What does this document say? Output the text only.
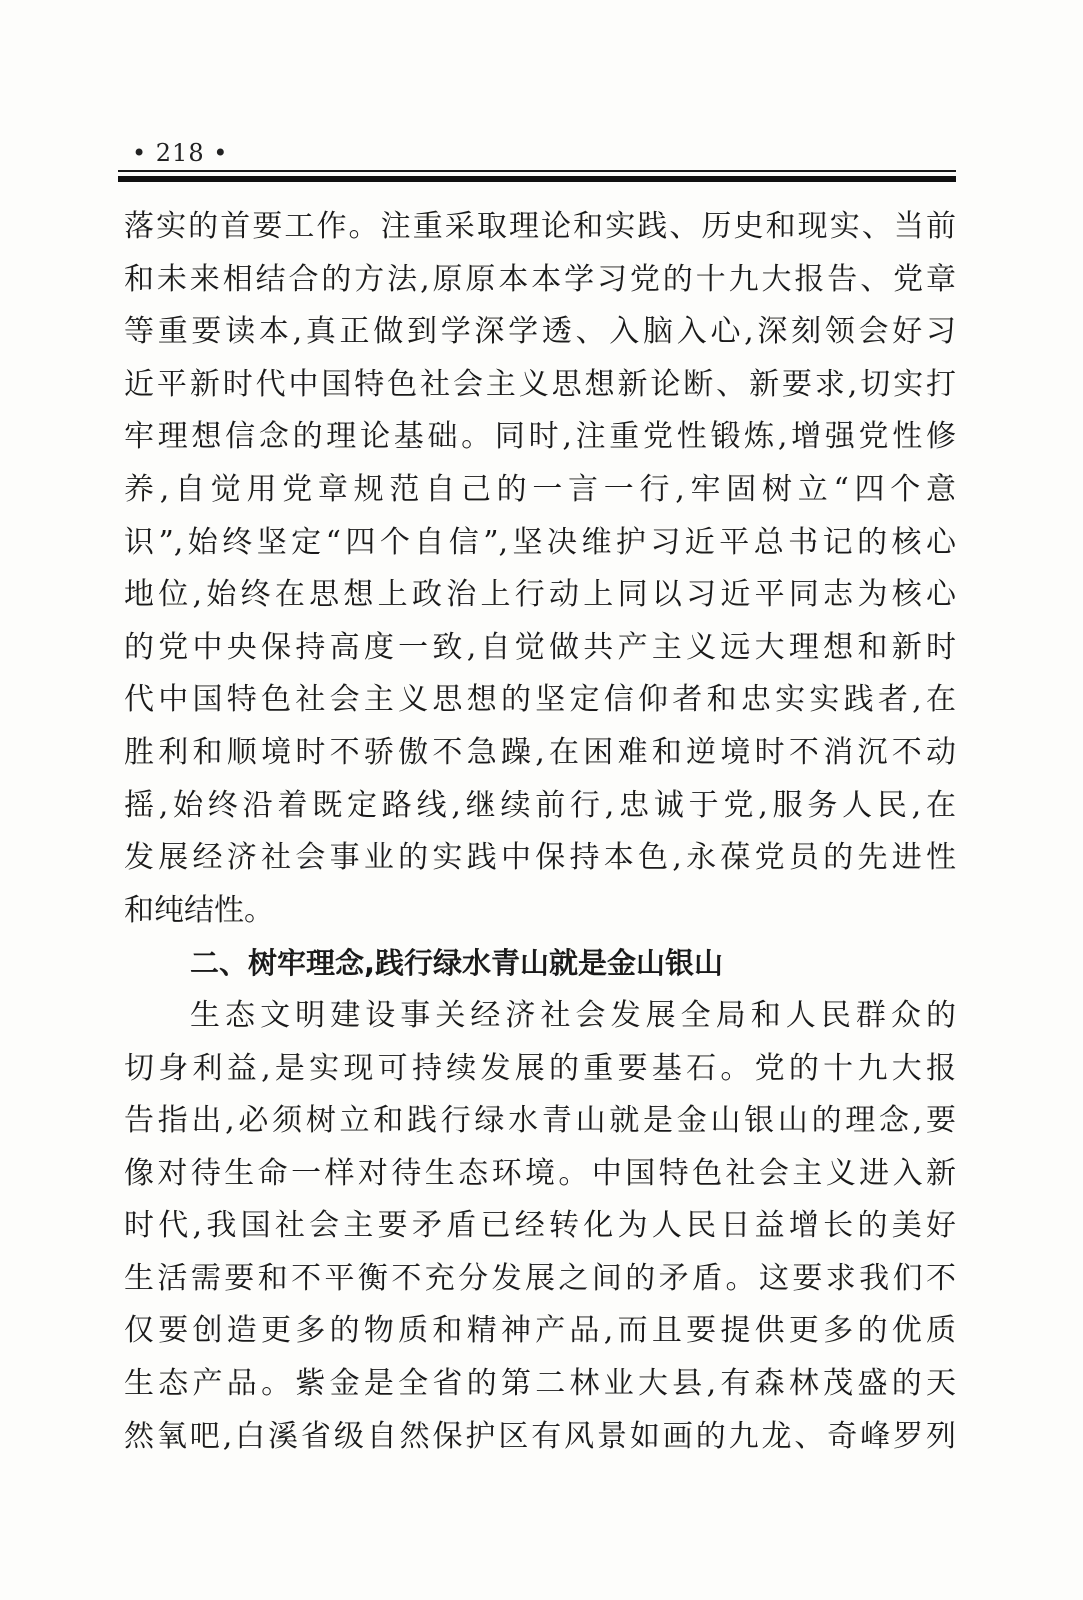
• 218 •
落实的首要工作。注重采取理论和实践、历史和现实、当前
和未来相结合的方法,原原本本学习党的十九大报告、党章
等重要读本,真正做到学深学透、入脑入心,深刻领会好习
近平新时代中国特色社会主义思想新论断、新要求,切实打
牢理想信念的理论基础。同时,注重党性锻炼,增强党性修
养,自觉用党章规范自己的一言一行,牢固树立“四个意
识”,始终坚定“四个自信”,坚决维护习近平总书记的核心
地位,始终在思想上政治上行动上同以习近平同志为核心
的党中央保持高度一致,自觉做共产主义远大理想和新时
代中国特色社会主义思想的坚定信仰者和忠实实践者,在
胜利和顺境时不骄傲不急躁,在困难和逆境时不消沉不动
摇,始终沿着既定路线,继续前行,忠诚于党,服务人民,在
发展经济社会事业的实践中保持本色,永葆党员的先进性
和纯结性。
二、树牢理念,践行绿水青山就是金山银山
生态文明建设事关经济社会发展全局和人民群众的
切身利益,是实现可持续发展的重要基石。党的十九大报
告指出,必须树立和践行绿水青山就是金山银山的理念,要
像对待生命一样对待生态环境。中国特色社会主义进入新
时代,我国社会主要矛盾已经转化为人民日益增长的美好
生活需要和不平衡不充分发展之间的矛盾。这要求我们不
仅要创造更多的物质和精神产品,而且要提供更多的优质
生态产品。紫金是全省的第二林业大县,有森林茂盛的天
然氧吧,白溪省级自然保护区有风景如画的九龙、奇峰罗列
